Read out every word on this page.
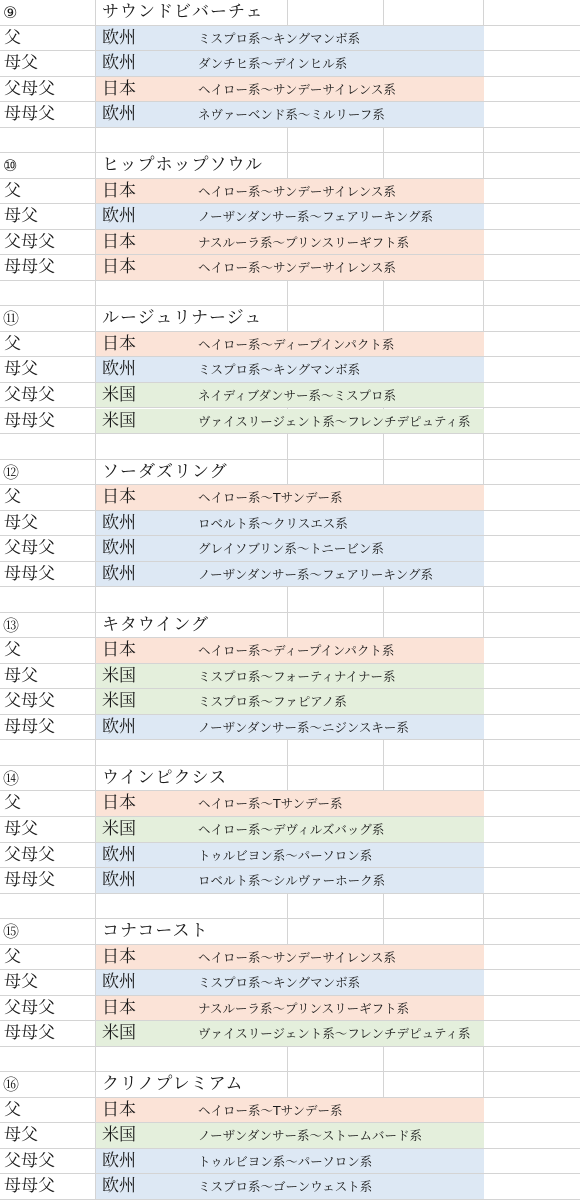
⑨	サウンドビバーチェ
父	欧州	ミスプロ系〜キングマンボ系
母父	欧州	ダンチヒ系〜デインヒル系
父母父	日本	ヘイロー系〜サンデーサイレンス系
母母父	欧州	ネヴァーベンド系〜ミルリーフ系
⑩	ヒップホップソウル
父	日本	ヘイロー系〜サンデーサイレンス系
母父	欧州	ノーザンダンサー系〜フェアリーキング系
父母父	日本	ナスルーラ系〜プリンスリーギフト系
母母父	日本	ヘイロー系〜サンデーサイレンス系
⑪	ルージュリナージュ
父	日本	ヘイロー系〜ディープインパクト系
母父	欧州	ミスプロ系〜キングマンボ系
父母父	米国	ネイディブダンサー系〜ミスプロ系
母母父	米国	ヴァイスリージェント系〜フレンチデピュティ系
⑫	ソーダズリング
父	日本	ヘイロー系〜Tサンデー系
母父	欧州	ロベルト系〜クリスエス系
父母父	欧州	グレイソブリン系〜トニービン系
母母父	欧州	ノーザンダンサー系〜フェアリーキング系
⑬	キタウイング
父	日本	ヘイロー系〜ディープインパクト系
母父	米国	ミスプロ系〜フォーティナイナー系
父母父	米国	ミスプロ系〜ファピアノ系
母母父	欧州	ノーザンダンサー系〜ニジンスキー系
⑭	ウインピクシス
父	日本	ヘイロー系〜Tサンデー系
母父	米国	ヘイロー系〜デヴィルズバッグ系
父母父	欧州	トゥルビヨン系〜パーソロン系
母母父	欧州	ロベルト系〜シルヴァーホーク系
⑮	コナコースト
父	日本	ヘイロー系〜サンデーサイレンス系
母父	欧州	ミスプロ系〜キングマンボ系
父母父	日本	ナスルーラ系〜プリンスリーギフト系
母母父	米国	ヴァイスリージェント系〜フレンチデピュティ系
⑯	クリノプレミアム
父	日本	ヘイロー系〜Tサンデー系
母父	米国	ノーザンダンサー系〜ストームバード系
父母父	欧州	トゥルビヨン系〜パーソロン系
母母父	欧州	ミスプロ系〜ゴーンウェスト系
